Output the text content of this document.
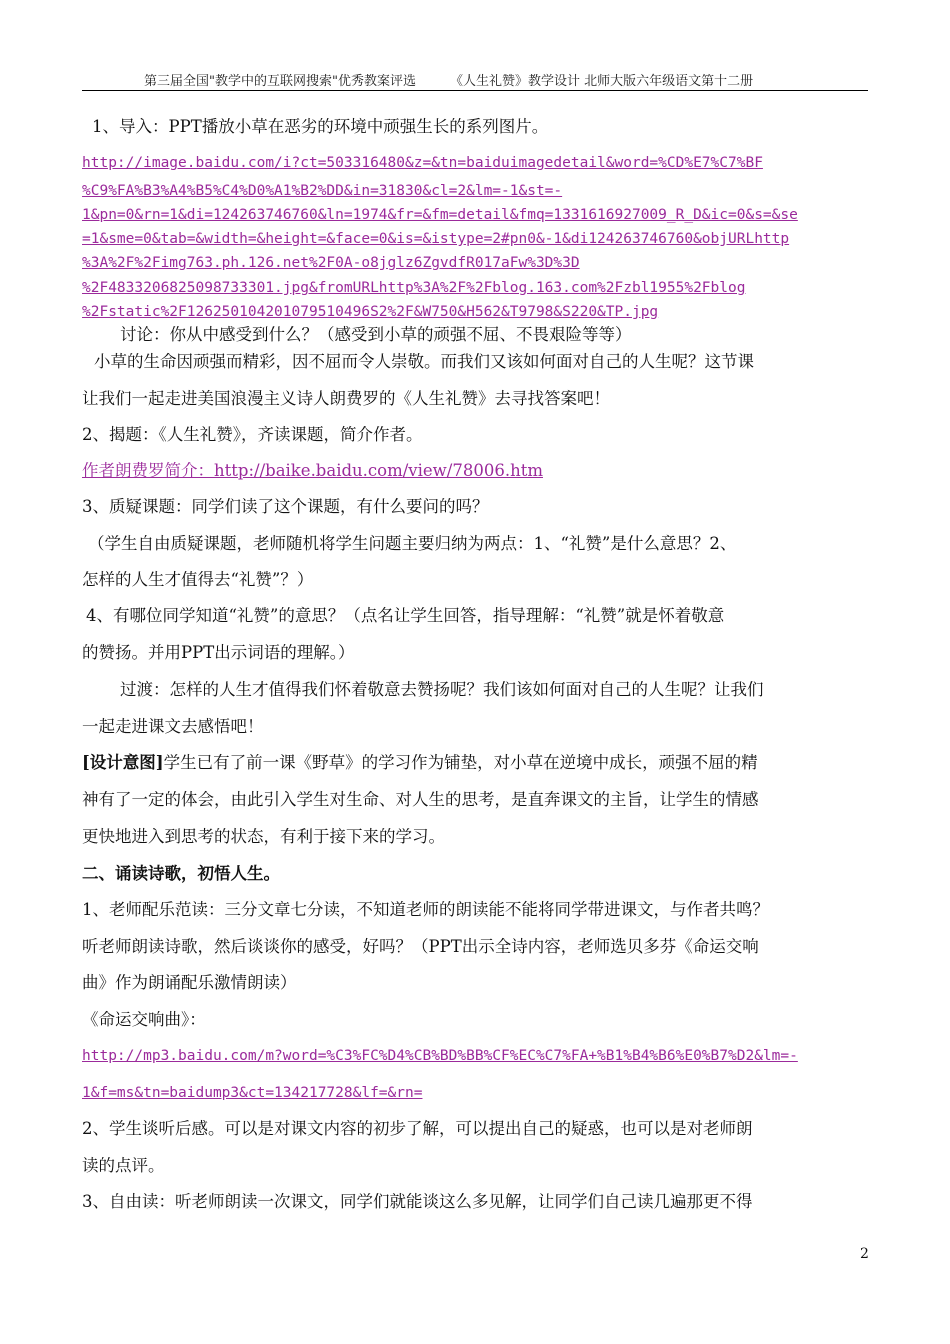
第三届全国"教学中的互联网搜索"优秀教案评选	《人生礼赞》教学设计 北师大版六年级语文第十二册
1、导入：PPT播放小草在恶劣的环境中顽强生长的系列图片。
http://image.baidu.com/i?ct=503316480&z=&tn=baiduimagedetail&word=%CD%E7%C7%BF
%C9%FA%B3%A4%B5%C4%D0%A1%B2%DD&in=31830&cl=2&lm=-1&st=-
1&pn=0&rn=1&di=124263746760&ln=1974&fr=&fm=detail&fmq=1331616927009_R_D&ic=0&s=&se
=1&sme=0&tab=&width=&height=&face=0&is=&istype=2#pn0&-1&di124263746760&objURLhttp
%3A%2F%2Fimg763.ph.126.net%2F0A-o8jglz6ZgvdfR017aFw%3D%3D
%2F4833206825098733301.jpg&fromURLhttp%3A%2F%2Fblog.163.com%2Fzbl1955%2Fblog
%2Fstatic%2F126250104201079510496S2%2F&W750&H562&T9798&S220&TP.jpg
讨论：你从中感受到什么？（感受到小草的顽强不屈、不畏艰险等等）
小草的生命因顽强而精彩，因不屈而令人崇敬。而我们又该如何面对自己的人生呢？这节课
让我们一起走进美国浪漫主义诗人朗费罗的《人生礼赞》去寻找答案吧！
2、揭题：《人生礼赞》，齐读课题，简介作者。
作者朗费罗简介：http://baike.baidu.com/view/78006.htm
3、质疑课题：同学们读了这个课题，有什么要问的吗？
（学生自由质疑课题，老师随机将学生问题主要归纳为两点：1、“礼赞”是什么意思？2、
怎样的人生才值得去“礼赞”？）
4、有哪位同学知道“礼赞”的意思？（点名让学生回答，指导理解：“礼赞”就是怀着敬意
的赞扬。并用PPT出示词语的理解。）
过渡：怎样的人生才值得我们怀着敬意去赞扬呢？我们该如何面对自己的人生呢？让我们
一起走进课文去感悟吧！
[设计意图]学生已有了前一课《野草》的学习作为铺垫，对小草在逆境中成长，顽强不屈的精
神有了一定的体会，由此引入学生对生命、对人生的思考，是直奔课文的主旨，让学生的情感
更快地进入到思考的状态，有利于接下来的学习。
二、诵读诗歌，初悟人生。
1、老师配乐范读：三分文章七分读，不知道老师的朗读能不能将同学带进课文，与作者共鸣？
听老师朗读诗歌，然后谈谈你的感受，好吗？（PPT出示全诗内容，老师选贝多芬《命运交响
曲》作为朗诵配乐激情朗读）
《命运交响曲》：
http://mp3.baidu.com/m?word=%C3%FC%D4%CB%BD%BB%CF%EC%C7%FA+%B1%B4%B6%E0%B7%D2&lm=-
1&f=ms&tn=baidump3&ct=134217728&lf=&rn=
2、学生谈听后感。可以是对课文内容的初步了解，可以提出自己的疑惑，也可以是对老师朗
读的点评。
3、自由读：听老师朗读一次课文，同学们就能谈这么多见解，让同学们自己读几遍那更不得
2
